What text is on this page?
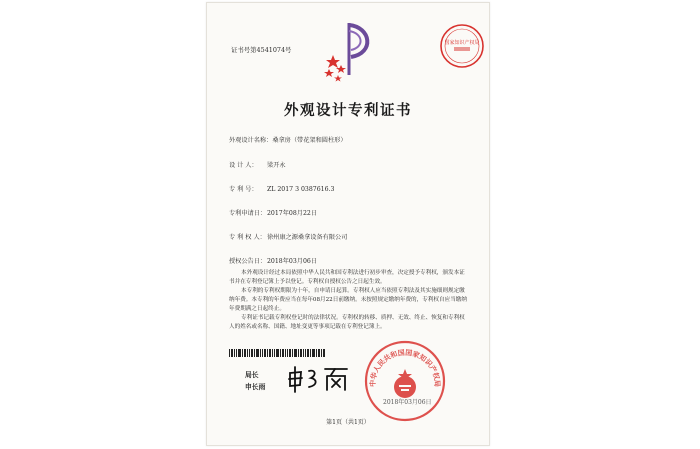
证书号第4541074号
国家知识产权局
外观设计专利证书
外观设计名称：桑拿房（带花架和圆柱形）
设 计 人： 梁开永
专 利 号： ZL 2017 3 0387616.3
专利申请日：2017年08月22日
专 利 权 人：徐州康之源桑拿设备有限公司
授权公告日：2018年03月06日
本外观设计经过本局依照中华人民共和国专利法进行初步审查，决定授予专利权，颁发本证书并在专利登记簿上予以登记。专利权自授权公告之日起生效。
本专利的专利权期限为十年，自申请日起算。专利权人应当依照专利法及其实施细则规定缴纳年费。本专利的年费应当在每年08月22日前缴纳。未按照规定缴纳年费的，专利权自应当缴纳年费期满之日起终止。
专利证书记载专利权登记时的法律状况。专利权的转移、质押、无效、终止、恢复和专利权人的姓名或名称、国籍、地址变更等事项记载在专利登记簿上。
局长
申长雨	中华人民共和国国家知识产权局
2018年03月06日
第1页（共1页）
